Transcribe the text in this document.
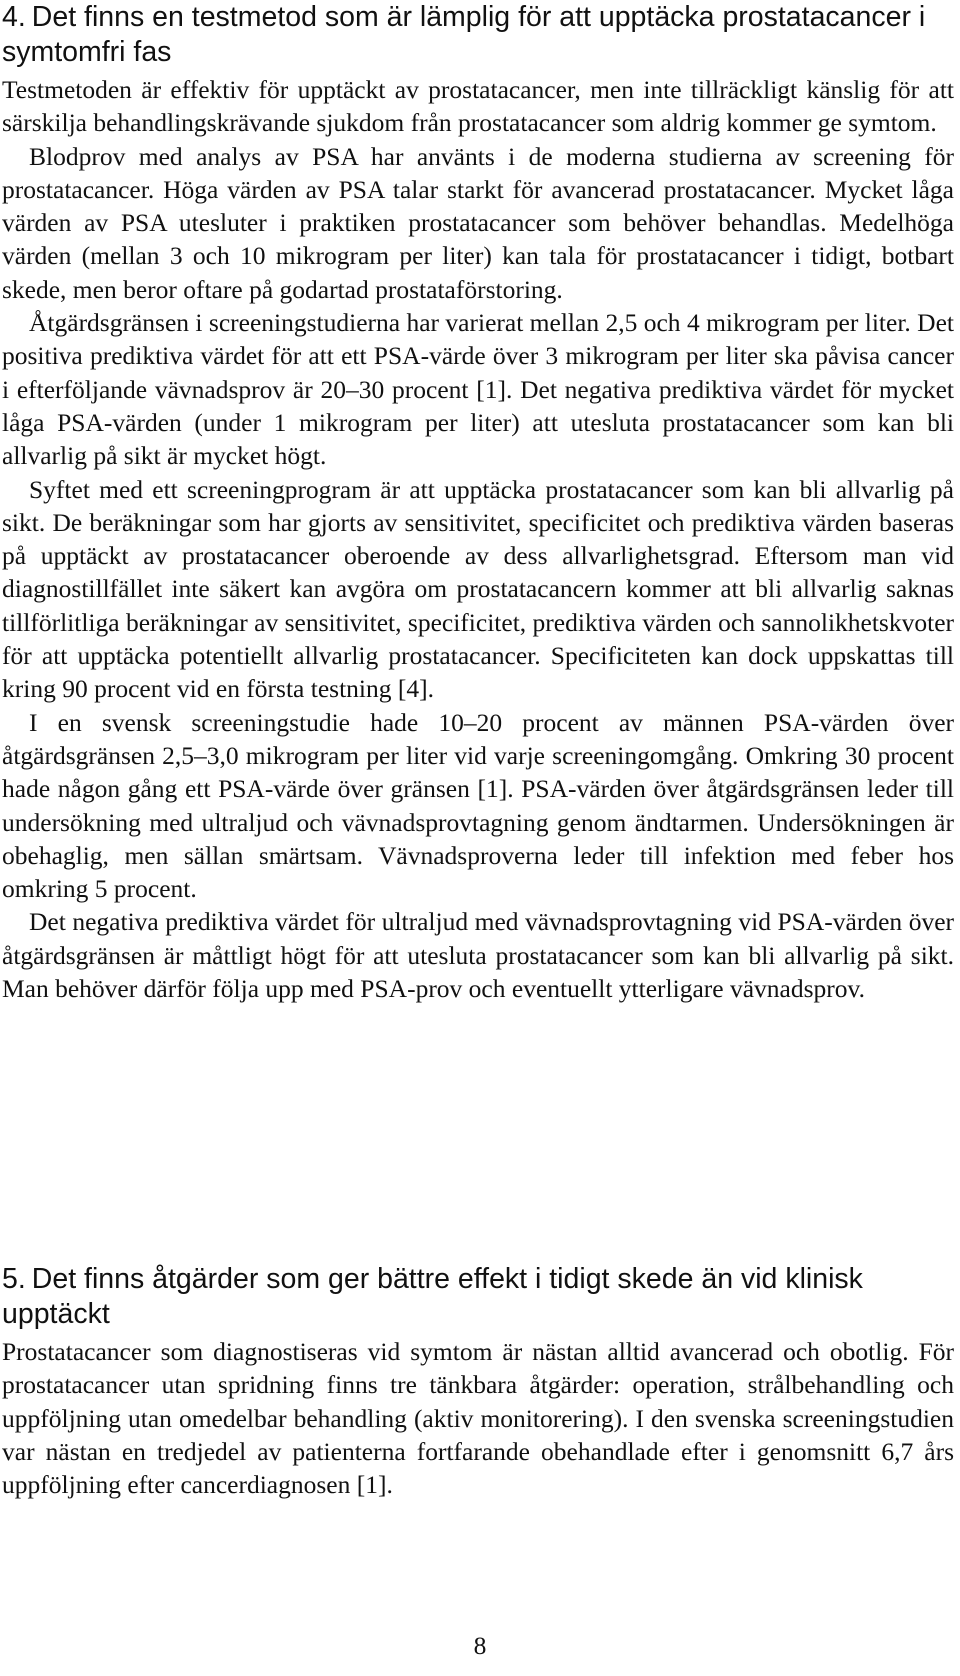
4. Det finns en testmetod som är lämplig för att upptäcka prostatacancer i symtomfri fas

Testmetoden är effektiv för upptäckt av prostatacancer, men inte tillräckligt känslig för att särskilja behandlingskrävande sjukdom från prostatacancer som aldrig kommer ge symtom.

Blodprov med analys av PSA har använts i de moderna studierna av screening för prostatacancer. Höga värden av PSA talar starkt för avancerad prostatacancer. Mycket låga värden av PSA utesluter i praktiken prostatacancer som behöver behandlas. Medelhöga värden (mellan 3 och 10 mikrogram per liter) kan tala för prostatacancer i tidigt, botbart skede, men beror oftare på godartad prostataförstoring.

Åtgärdsgränsen i screeningstudierna har varierat mellan 2,5 och 4 mikrogram per liter. Det positiva prediktiva värdet för att ett PSA-värde över 3 mikrogram per liter ska påvisa cancer i efterföljande vävnadsprov är 20–30 procent [1]. Det negativa prediktiva värdet för mycket låga PSA-värden (under 1 mikrogram per liter) att utesluta prostatacancer som kan bli allvarlig på sikt är mycket högt.

Syftet med ett screeningprogram är att upptäcka prostatacancer som kan bli allvarlig på sikt. De beräkningar som har gjorts av sensitivitet, specificitet och prediktiva värden baseras på upptäckt av prostatacancer oberoende av dess allvarlighetsgrad. Eftersom man vid diagnostillfället inte säkert kan avgöra om prostatacancern kommer att bli allvarlig saknas tillförlitliga beräkningar av sensitivitet, specificitet, prediktiva värden och sannolikhetskvoter för att upptäcka potentiellt allvarlig prostatacancer. Specificiteten kan dock uppskattas till kring 90 procent vid en första testning [4].

I en svensk screeningstudie hade 10–20 procent av männen PSA-värden över åtgärdsgränsen 2,5–3,0 mikrogram per liter vid varje screeningomgång. Omkring 30 procent hade någon gång ett PSA-värde över gränsen [1]. PSA-värden över åtgärdsgränsen leder till undersökning med ultraljud och vävnadsprovtagning genom ändtarmen. Undersökningen är obehaglig, men sällan smärtsam. Vävnadsproverna leder till infektion med feber hos omkring 5 procent.

Det negativa prediktiva värdet för ultraljud med vävnadsprovtagning vid PSA-värden över åtgärdsgränsen är måttligt högt för att utesluta prostatacancer som kan bli allvarlig på sikt. Man behöver därför följa upp med PSA-prov och eventuellt ytterligare vävnadsprov.

5. Det finns åtgärder som ger bättre effekt i tidigt skede än vid klinisk upptäckt

Prostatacancer som diagnostiseras vid symtom är nästan alltid avancerad och obotlig. För prostatacancer utan spridning finns tre tänkbara åtgärder: operation, strålbehandling och uppföljning utan omedelbar behandling (aktiv monitorering). I den svenska screeningstudien var nästan en tredjedel av patienterna fortfarande obehandlade efter i genomsnitt 6,7 års uppföljning efter cancerdiagnosen [1].

8
